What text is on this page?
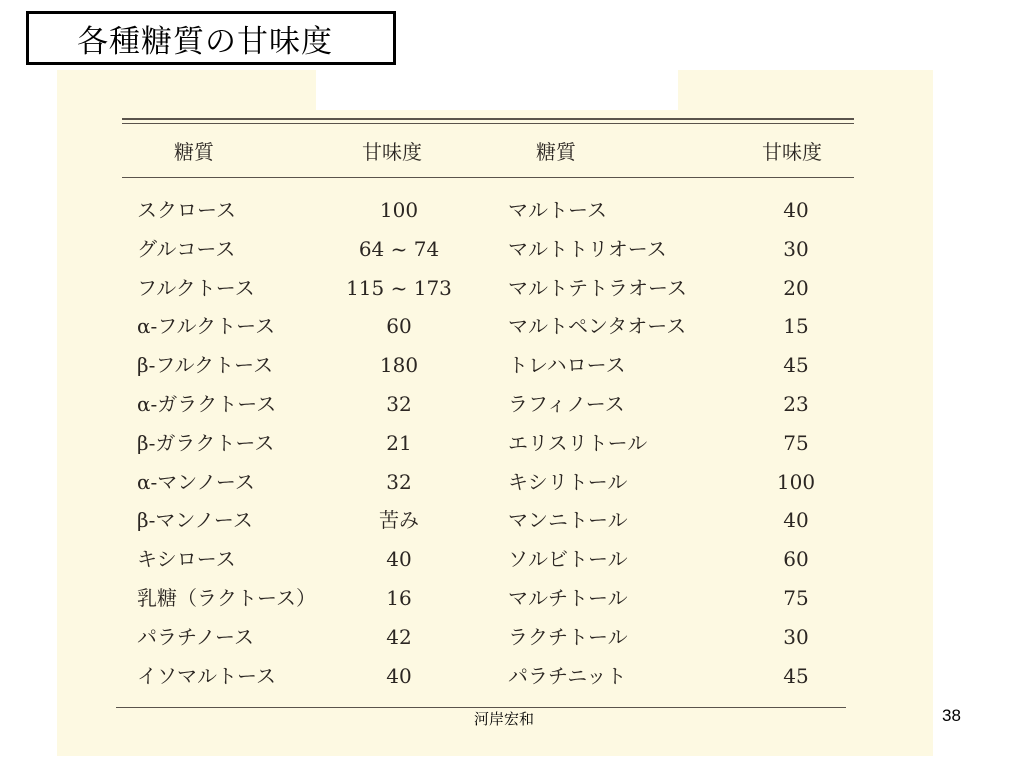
各種糖質の甘味度
糖質	甘味度	糖質	甘味度
スクロース	100	マルトース	40
グルコース	64 ~ 74	マルトトリオース	30
フルクトース	115 ~ 173	マルトテトラオース	20
α-フルクトース	60	マルトペンタオース	15
β-フルクトース	180	トレハロース	45
α-ガラクトース	32	ラフィノース	23
β-ガラクトース	21	エリスリトール	75
α-マンノース	32	キシリトール	100
β-マンノース	苦み	マンニトール	40
キシロース	40	ソルビトール	60
乳糖（ラクトース）	16	マルチトール	75
パラチノース	42	ラクチトール	30
イソマルトース	40	パラチニット	45
河岸宏和	38
